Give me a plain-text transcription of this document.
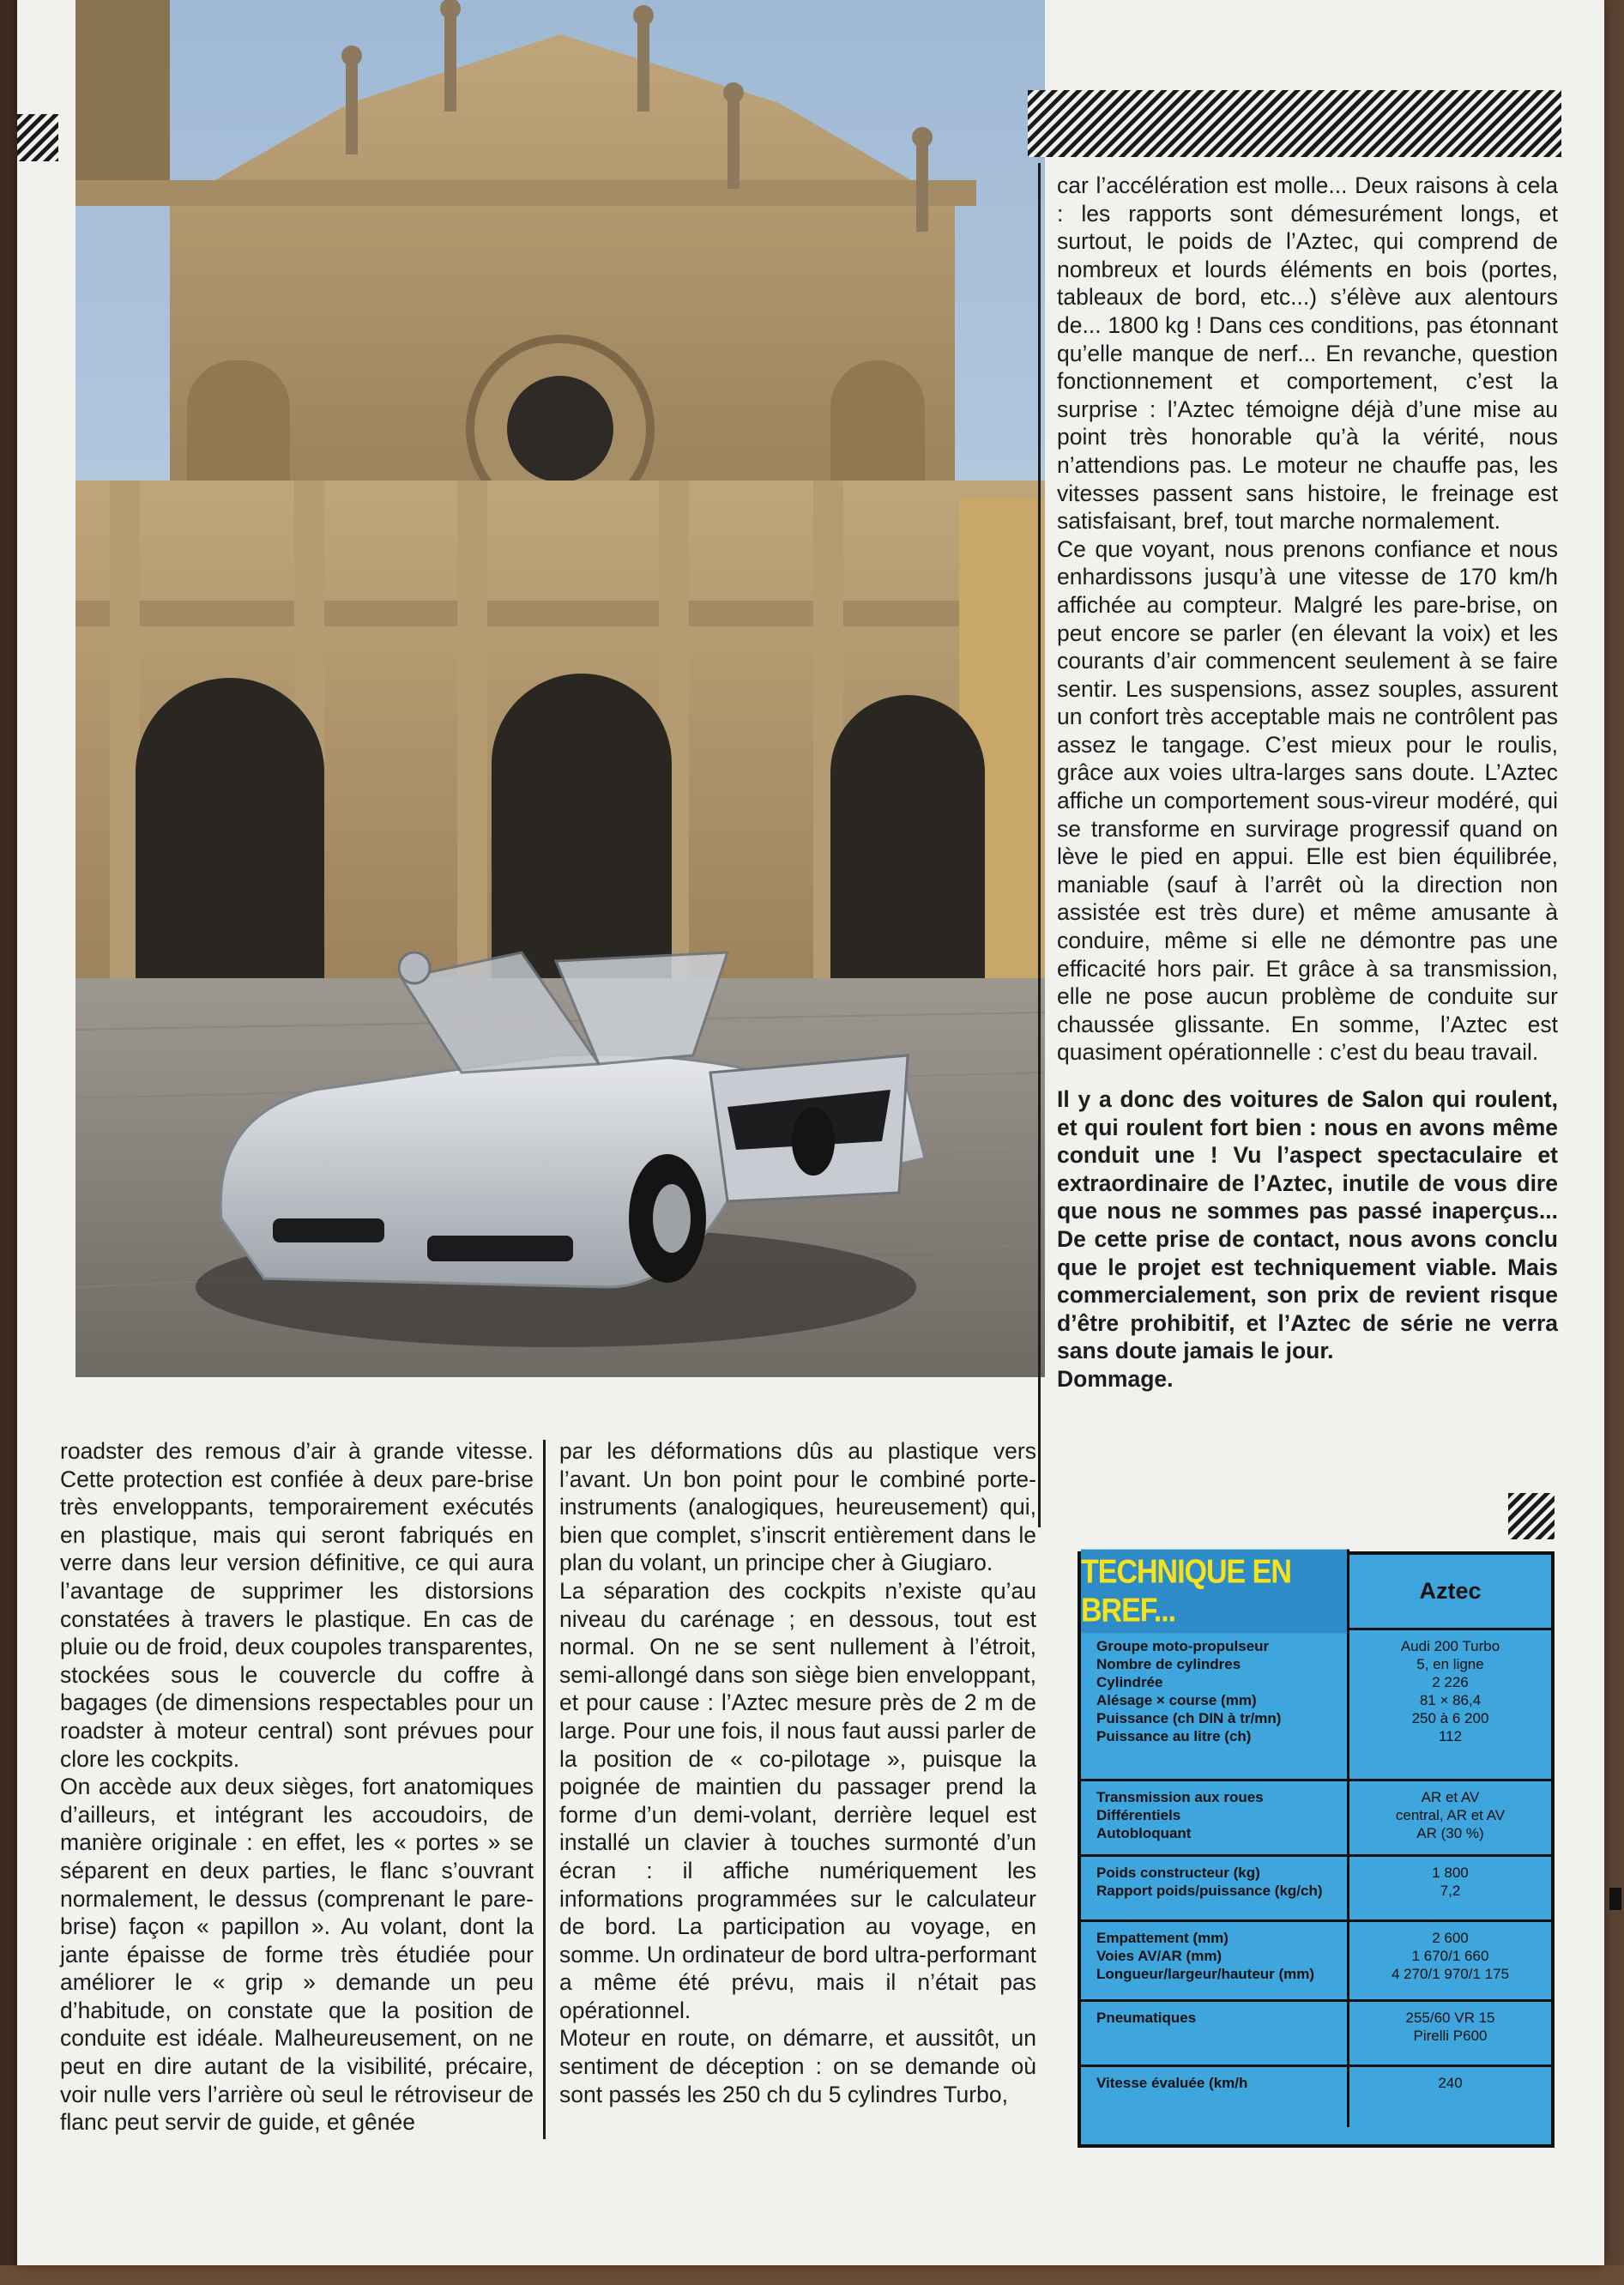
car l’accélération est molle... Deux raisons à cela : les rapports sont démesurément longs, et surtout, le poids de l’Aztec, qui comprend de nombreux et lourds éléments en bois (portes, tableaux de bord, etc...) s’élève aux alentours de... 1800 kg ! Dans ces conditions, pas étonnant qu’elle manque de nerf... En revanche, question fonctionnement et comportement, c’est la surprise : l’Aztec témoigne déjà d’une mise au point très honorable qu’à la vérité, nous n’attendions pas. Le moteur ne chauffe pas, les vitesses passent sans histoire, le freinage est satisfaisant, bref, tout marche normalement.

Ce que voyant, nous prenons confiance et nous enhardissons jusqu’à une vitesse de 170 km/h affichée au compteur. Malgré les pare-brise, on peut encore se parler (en élevant la voix) et les courants d’air commencent seulement à se faire sentir. Les suspensions, assez souples, assurent un confort très acceptable mais ne contrôlent pas assez le tangage. C’est mieux pour le roulis, grâce aux voies ultra-larges sans doute. L’Aztec affiche un comportement sous-vireur modéré, qui se transforme en survirage progressif quand on lève le pied en appui. Elle est bien équilibrée, maniable (sauf à l’arrêt où la direction non assistée est très dure) et même amusante à conduire, même si elle ne démontre pas une efficacité hors pair. Et grâce à sa transmission, elle ne pose aucun problème de conduite sur chaussée glissante. En somme, l’Aztec est quasiment opérationnelle : c’est du beau travail.

Il y a donc des voitures de Salon qui roulent, et qui roulent fort bien : nous en avons même conduit une ! Vu l’aspect spectaculaire et extraordinaire de l’Aztec, inutile de vous dire que nous ne sommes pas passé inaperçus... De cette prise de contact, nous avons conclu que le projet est techniquement viable. Mais commercialement, son prix de revient risque d’être prohibitif, et l’Aztec de série ne verra sans doute jamais le jour.

Dommage.

roadster des remous d’air à grande vitesse. Cette protection est confiée à deux pare-brise très enveloppants, temporairement exécutés en plastique, mais qui seront fabriqués en verre dans leur version définitive, ce qui aura l’avantage de supprimer les distorsions constatées à travers le plastique. En cas de pluie ou de froid, deux coupoles transparentes, stockées sous le couvercle du coffre à bagages (de dimensions respectables pour un roadster à moteur central) sont prévues pour clore les cockpits.

On accède aux deux sièges, fort anatomiques d’ailleurs, et intégrant les accoudoirs, de manière originale : en effet, les « portes » se séparent en deux parties, le flanc s’ouvrant normalement, le dessus (comprenant le pare-brise) façon « papillon ». Au volant, dont la jante épaisse de forme très étudiée pour améliorer le « grip » demande un peu d’habitude, on constate que la position de conduite est idéale. Malheureusement, on ne peut en dire autant de la visibilité, précaire, voir nulle vers l’arrière où seul le rétroviseur de flanc peut servir de guide, et gênée

par les déformations dûs au plastique vers l’avant. Un bon point pour le combiné porte-instruments (analogiques, heureusement) qui, bien que complet, s’inscrit entièrement dans le plan du volant, un principe cher à Giugiaro.

La séparation des cockpits n’existe qu’au niveau du carénage ; en dessous, tout est normal. On ne se sent nullement à l’étroit, semi-allongé dans son siège bien enveloppant, et pour cause : l’Aztec mesure près de 2 m de large. Pour une fois, il nous faut aussi parler de la position de « co-pilotage », puisque la poignée de maintien du passager prend la forme d’un demi-volant, derrière lequel est installé un clavier à touches surmonté d’un écran : il affiche numériquement les informations programmées sur le calculateur de bord. La participation au voyage, en somme. Un ordinateur de bord ultra-performant a même été prévu, mais il n’était pas opérationnel.

Moteur en route, on démarre, et aussitôt, un sentiment de déception : on se demande où sont passés les 250 ch du 5 cylindres Turbo,

TECHNIQUE EN BREF...
Aztec
Groupe moto-propulseur
Nombre de cylindres
Cylindrée
Alésage × course (mm)
Puissance (ch DIN à tr/mn)
Puissance au litre (ch)
Audi 200 Turbo
5, en ligne
2 226
81 × 86,4
250 à 6 200
112
Transmission aux roues
Différentiels
Autobloquant
AR et AV
central, AR et AV
AR (30 %)
Poids constructeur (kg)
Rapport poids/puissance (kg/ch)
1 800
7,2
Empattement (mm)
Voies AV/AR (mm)
Longueur/largeur/hauteur (mm)
2 600
1 670/1 660
4 270/1 970/1 175
Pneumatiques	255/60 VR 15
Pirelli P600
Vitesse évaluée (km/h	240
